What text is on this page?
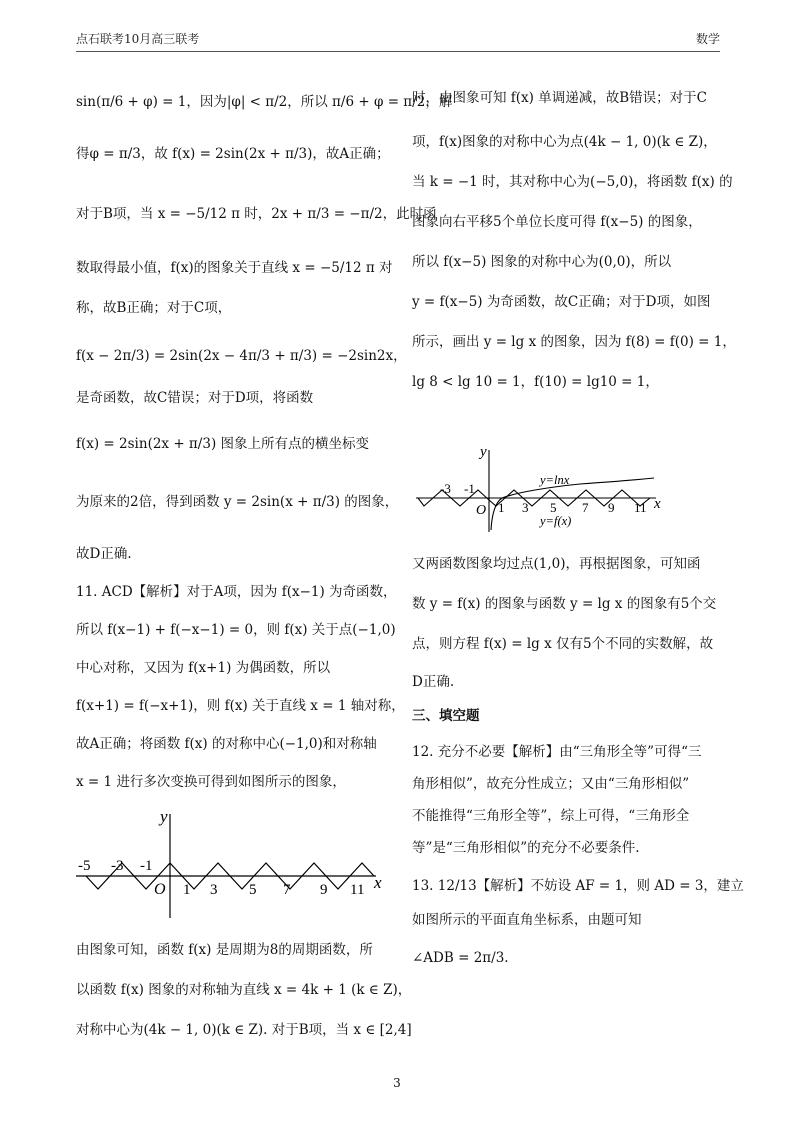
点石联考10月高三联考	数学
sin(π/6 + φ) = 1，因为|φ| < π/2，所以 π/6 + φ = π/2，解
得φ = π/3，故 f(x) = 2sin(2x + π/3)，故A正确；
对于B项，当 x = −5/12 π 时，2x + π/3 = −π/2，此时函
数取得最小值，f(x)的图象关于直线 x = −5/12 π 对
称，故B正确；对于C项，
f(x − 2π/3) = 2sin(2x − 4π/3 + π/3) = −2sin2x，
是奇函数，故C错误；对于D项，将函数
f(x) = 2sin(2x + π/3) 图象上所有点的横坐标变
为原来的2倍，得到函数 y = 2sin(x + π/3) 的图象，
故D正确.
11. ACD【解析】对于A项，因为 f(x−1) 为奇函数，
所以 f(x−1) + f(−x−1) = 0，则 f(x) 关于点(−1,0)
中心对称，又因为 f(x+1) 为偶函数，所以
f(x+1) = f(−x+1)，则 f(x) 关于直线 x = 1 轴对称，
故A正确；将函数 f(x) 的对称中心(−1,0)和对称轴
x = 1 进行多次变换可得到如图所示的图象，
由图象可知，函数 f(x) 是周期为8的周期函数，所
以函数 f(x) 图象的对称轴为直线 x = 4k + 1 (k ∈ Z)，
对称中心为(4k − 1, 0)(k ∈ Z). 对于B项，当 x ∈ [2,4]
y
x
O
-5 -3 -1
1 3 5 7 9 11
时，由图象可知 f(x) 单调递减，故B错误；对于C
项，f(x)图象的对称中心为点(4k − 1, 0)(k ∈ Z)，
当 k = −1 时，其对称中心为(−5,0)，将函数 f(x) 的
图象向右平移5个单位长度可得 f(x−5) 的图象，
所以 f(x−5) 图象的对称中心为(0,0)，所以
y = f(x−5) 为奇函数，故C正确；对于D项，如图
所示，画出 y = lg x 的图象，因为 f(8) = f(0) = 1，
lg 8 < lg 10 = 1，f(10) = lg10 = 1，
又两函数图象均过点(1,0)，再根据图象，可知函
数 y = f(x) 的图象与函数 y = lg x 的图象有5个交
点，则方程 f(x) = lg x 仅有5个不同的实数解，故
D正确.
三、填空题
12. 充分不必要【解析】由“三角形全等”可得“三
角形相似”，故充分性成立；又由“三角形相似”
不能推得“三角形全等”，综上可得，“三角形全
等”是“三角形相似”的充分不必要条件.
13. 12/13【解析】不妨设 AF = 1，则 AD = 3，建立
如图所示的平面直角坐标系，由题可知
∠ADB = 2π/3.
y
x
O
-3 -1
1 3 5 7 9 11
y=lnx
y=f(x)
3
